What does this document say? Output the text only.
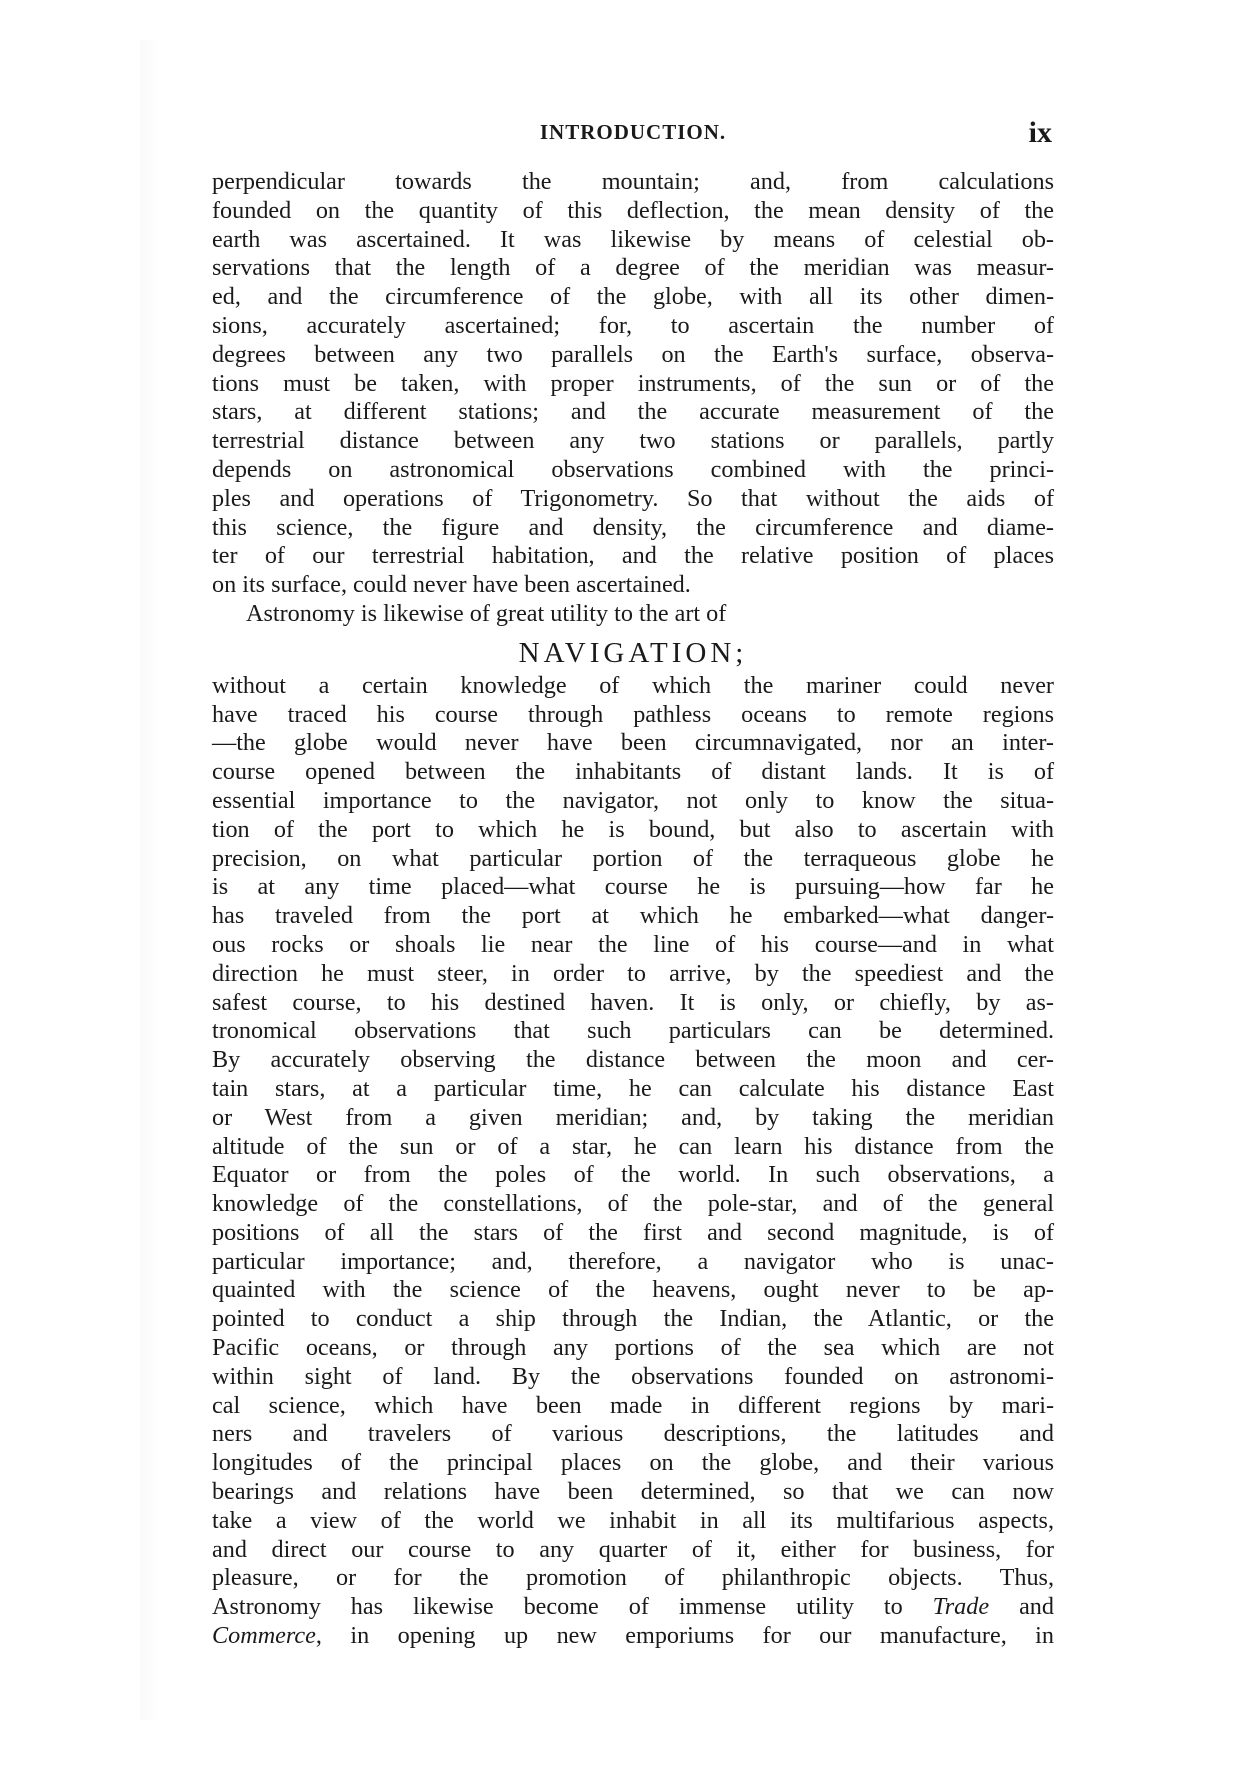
INTRODUCTION.	ix
perpendicular towards the mountain; and, from calculations
founded on the quantity of this deflection, the mean density of the
earth was ascertained. It was likewise by means of celestial ob-
servations that the length of a degree of the meridian was measur-
ed, and the circumference of the globe, with all its other dimen-
sions, accurately ascertained; for, to ascertain the number of
degrees between any two parallels on the Earth's surface, observa-
tions must be taken, with proper instruments, of the sun or of the
stars, at different stations; and the accurate measurement of the
terrestrial distance between any two stations or parallels, partly
depends on astronomical observations combined with the princi-
ples and operations of Trigonometry. So that without the aids of
this science, the figure and density, the circumference and diame-
ter of our terrestrial habitation, and the relative position of places
on its surface, could never have been ascertained.
Astronomy is likewise of great utility to the art of
NAVIGATION;
without a certain knowledge of which the mariner could never
have traced his course through pathless oceans to remote regions
—the globe would never have been circumnavigated, nor an inter-
course opened between the inhabitants of distant lands. It is of
essential importance to the navigator, not only to know the situa-
tion of the port to which he is bound, but also to ascertain with
precision, on what particular portion of the terraqueous globe he
is at any time placed—what course he is pursuing—how far he
has traveled from the port at which he embarked—what danger-
ous rocks or shoals lie near the line of his course—and in what
direction he must steer, in order to arrive, by the speediest and the
safest course, to his destined haven. It is only, or chiefly, by as-
tronomical observations that such particulars can be determined.
By accurately observing the distance between the moon and cer-
tain stars, at a particular time, he can calculate his distance East
or West from a given meridian; and, by taking the meridian
altitude of the sun or of a star, he can learn his distance from the
Equator or from the poles of the world. In such observations, a
knowledge of the constellations, of the pole-star, and of the general
positions of all the stars of the first and second magnitude, is of
particular importance; and, therefore, a navigator who is unac-
quainted with the science of the heavens, ought never to be ap-
pointed to conduct a ship through the Indian, the Atlantic, or the
Pacific oceans, or through any portions of the sea which are not
within sight of land. By the observations founded on astronomi-
cal science, which have been made in different regions by mari-
ners and travelers of various descriptions, the latitudes and
longitudes of the principal places on the globe, and their various
bearings and relations have been determined, so that we can now
take a view of the world we inhabit in all its multifarious aspects,
and direct our course to any quarter of it, either for business, for
pleasure, or for the promotion of philanthropic objects. Thus,
Astronomy has likewise become of immense utility to Trade and
Commerce, in opening up new emporiums for our manufacture, in
